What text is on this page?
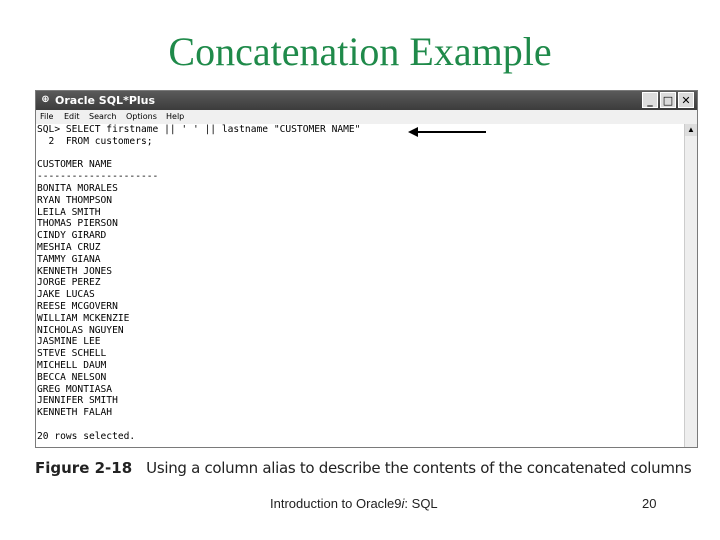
Concatenation Example
⊕ Oracle SQL*Plus	_ □ ✕
File Edit Search Options Help
SQL> SELECT firstname || ' ' || lastname "CUSTOMER NAME"
2  FROM customers;
CUSTOMER NAME
---------------------
BONITA MORALES
RYAN THOMPSON
LEILA SMITH
THOMAS PIERSON
CINDY GIRARD
MESHIA CRUZ
TAMMY GIANA
KENNETH JONES
JORGE PEREZ
JAKE LUCAS
REESE MCGOVERN
WILLIAM MCKENZIE
NICHOLAS NGUYEN
JASMINE LEE
STEVE SCHELL
MICHELL DAUM
BECCA NELSON
GREG MONTIASA
JENNIFER SMITH
KENNETH FALAH
20 rows selected.
▲
Figure 2-18 Using a column alias to describe the contents of the concatenated columns
Introduction to Oracle9i: SQL	20
